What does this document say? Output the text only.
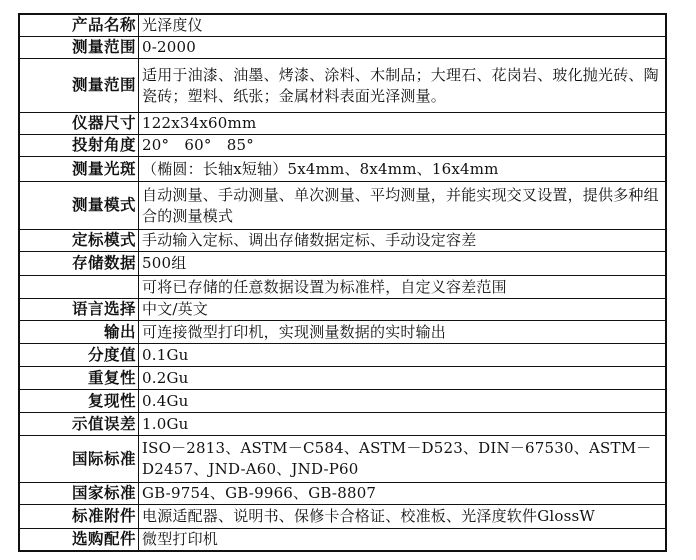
产品名称	光泽度仪
测量范围	0-2000
测量范围	适用于油漆、油墨、烤漆、涂料、木制品；大理石、花岗岩、玻化抛光砖、陶瓷砖；塑料、纸张；金属材料表面光泽测量。
仪器尺寸	122x34x60mm
投射角度	20°　60°　85°
测量光斑	（椭圆：长轴x短轴）5x4mm、8x4mm、16x4mm
测量模式	自动测量、手动测量、单次测量、平均测量，并能实现交叉设置，提供多种组合的测量模式
定标模式	手动输入定标、调出存储数据定标、手动设定容差
存储数据	500组
	可将已存储的任意数据设置为标准样，自定义容差范围
语言选择	中文/英文
输出	可连接微型打印机，实现测量数据的实时输出
分度值	0.1Gu
重复性	0.2Gu
复现性	0.4Gu
示值误差	1.0Gu
国际标准	ISO－2813、ASTM－C584、ASTM－D523、DIN－67530、ASTM－D2457、JND-A60、JND-P60
国家标准	GB-9754、GB-9966、GB-8807
标准附件	电源适配器、说明书、保修卡合格证、校准板、光泽度软件GlossW
选购配件	微型打印机
